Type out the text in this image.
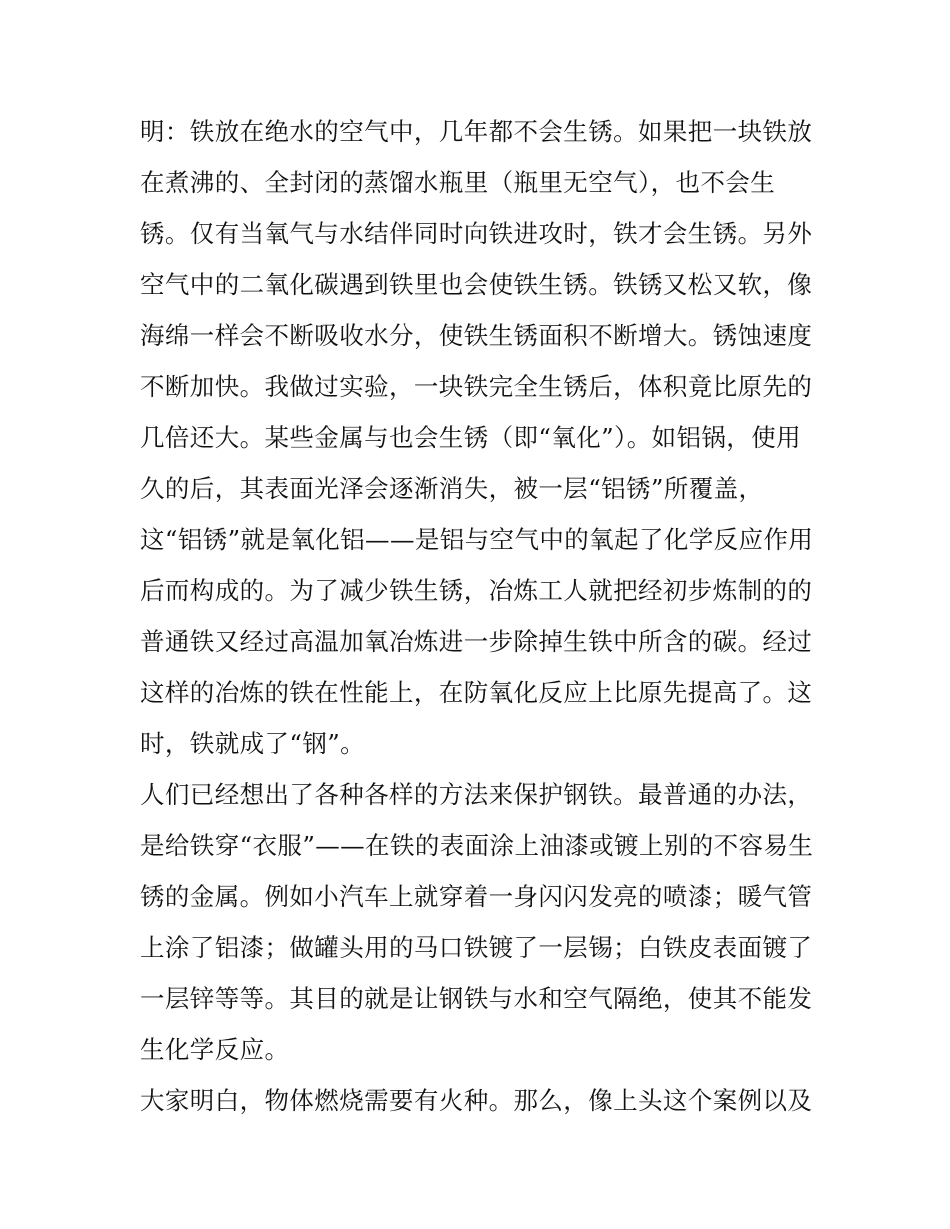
明：铁放在绝水的空气中，几年都不会生锈。如果把一块铁放
在煮沸的、全封闭的蒸馏水瓶里（瓶里无空气），也不会生
锈。仅有当氧气与水结伴同时向铁进攻时，铁才会生锈。另外
空气中的二氧化碳遇到铁里也会使铁生锈。铁锈又松又软，像
海绵一样会不断吸收水分，使铁生锈面积不断增大。锈蚀速度
不断加快。我做过实验，一块铁完全生锈后，体积竟比原先的
几倍还大。某些金属与也会生锈（即“氧化”）。如铝锅，使用
久的后，其表面光泽会逐渐消失，被一层“铝锈”所覆盖，
这“铝锈”就是氧化铝——是铝与空气中的氧起了化学反应作用
后而构成的。为了减少铁生锈，冶炼工人就把经初步炼制的的
普通铁又经过高温加氧冶炼进一步除掉生铁中所含的碳。经过
这样的冶炼的铁在性能上，在防氧化反应上比原先提高了。这
时，铁就成了“钢”。
人们已经想出了各种各样的方法来保护钢铁。最普通的办法，
是给铁穿“衣服”——在铁的表面涂上油漆或镀上别的不容易生
锈的金属。例如小汽车上就穿着一身闪闪发亮的喷漆；暖气管
上涂了铝漆；做罐头用的马口铁镀了一层锡；白铁皮表面镀了
一层锌等等。其目的就是让钢铁与水和空气隔绝，使其不能发
生化学反应。
大家明白，物体燃烧需要有火种。那么，像上头这个案例以及
